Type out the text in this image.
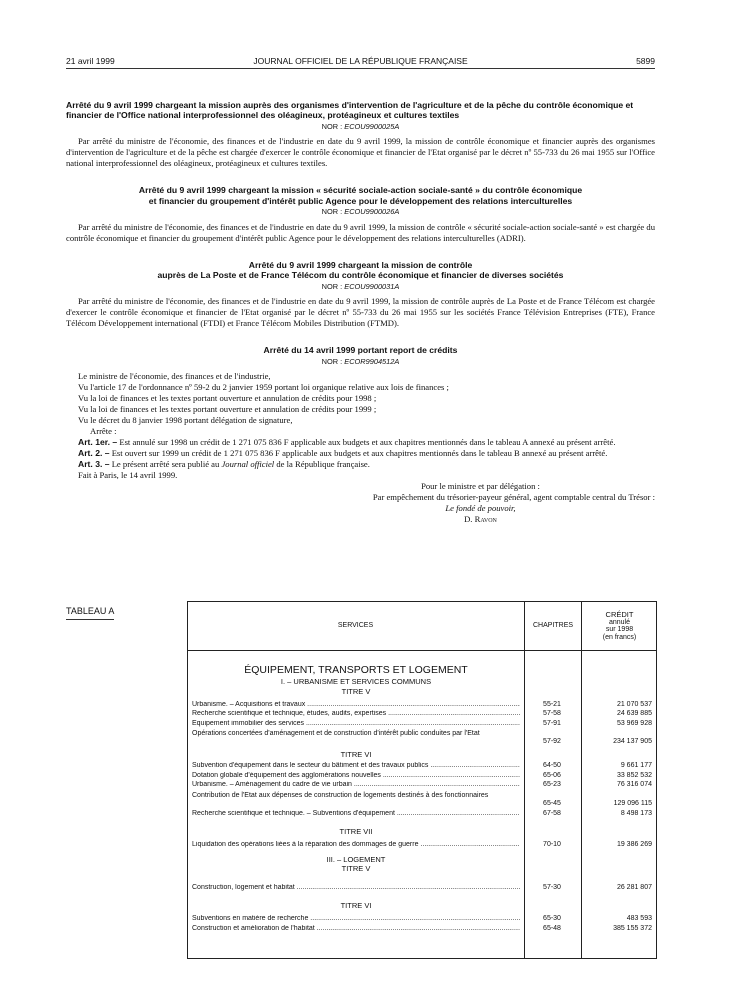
21 avril 1999	JOURNAL OFFICIEL DE LA RÉPUBLIQUE FRANÇAISE	5899
Arrêté du 9 avril 1999 chargeant la mission auprès des organismes d'intervention de l'agriculture et de la pêche du contrôle économique et financier de l'Office national interprofessionnel des oléagineux, protéagineux et cultures textiles
NOR : ECOU9900025A

Par arrêté du ministre de l'économie, des finances et de l'industrie en date du 9 avril 1999, la mission de contrôle économique et financier auprès des organismes d'intervention de l'agriculture et de la pêche est chargée d'exercer le contrôle économique et financier de l'Etat organisé par le décret nº 55-733 du 26 mai 1955 sur l'Office national interprofessionnel des oléagineux, protéagineux et cultures textiles.

Arrêté du 9 avril 1999 chargeant la mission « sécurité sociale-action sociale-santé » du contrôle économique
et financier du groupement d'intérêt public Agence pour le développement des relations interculturelles
NOR : ECOU9900026A

Par arrêté du ministre de l'économie, des finances et de l'industrie en date du 9 avril 1999, la mission de contrôle « sécurité sociale-action sociale-santé » est chargée du contrôle économique et financier du groupement d'intérêt public Agence pour le développement des relations interculturelles (ADRI).

Arrêté du 9 avril 1999 chargeant la mission de contrôle
auprès de La Poste et de France Télécom du contrôle économique et financier de diverses sociétés
NOR : ECOU9900031A

Par arrêté du ministre de l'économie, des finances et de l'industrie en date du 9 avril 1999, la mission de contrôle auprès de La Poste et de France Télécom est chargée d'exercer le contrôle économique et financier de l'Etat organisé par le décret nº 55-733 du 26 mai 1955 sur les sociétés France Télévision Entreprises (FTE), France Télécom Développement international (FTDI) et France Télécom Mobiles Distribution (FTMD).

Arrêté du 14 avril 1999 portant report de crédits
NOR : ECOR9904512A

Le ministre de l'économie, des finances et de l'industrie,

Vu l'article 17 de l'ordonnance nº 59-2 du 2 janvier 1959 portant loi organique relative aux lois de finances ;

Vu la loi de finances et les textes portant ouverture et annulation de crédits pour 1998 ;

Vu la loi de finances et les textes portant ouverture et annulation de crédits pour 1999 ;

Vu le décret du 8 janvier 1998 portant délégation de signature,

Arrête :

Art. 1er. – Est annulé sur 1998 un crédit de 1 271 075 836 F applicable aux budgets et aux chapitres mentionnés dans le tableau A annexé au présent arrêté.

Art. 2. – Est ouvert sur 1999 un crédit de 1 271 075 836 F applicable aux budgets et aux chapitres mentionnés dans le tableau B annexé au présent arrêté.

Art. 3. – Le présent arrêté sera publié au Journal officiel de la République française.

Fait à Paris, le 14 avril 1999.

Pour le ministre et par délégation :
Par empêchement du trésorier-payeur général, agent comptable central du Trésor :
Le fondé de pouvoir,
D. Ravon
TABLEAU A
SERVICES	CHAPITRES
CRÉDIT
annulé
sur 1998
(en francs)
ÉQUIPEMENT, TRANSPORTS ET LOGEMENT
I. – URBANISME ET SERVICES COMMUNS
TITRE V
Urbanisme. – Acquisitions et travaux .....	55-21	21 070 537
Recherche scientifique et technique, études, audits, expertises .....	57-58	24 639 885
Equipement immobilier des services .....	57-91	53 969 928
Opérations concertées d'aménagement et de construction d'intérêt public conduites par l'Etat
57-92	234 137 905
TITRE VI
Subvention d'équipement dans le secteur du bâtiment et des travaux publics .....	64-50	9 661 177
Dotation globale d'équipement des agglomérations nouvelles .....	65-06	33 852 532
Urbanisme. – Aménagement du cadre de vie urbain .....	65-23	76 316 074
Contribution de l'Etat aux dépenses de construction de logements destinés à des fonctionnaires
65-45	129 096 115
Recherche scientifique et technique. – Subventions d'équipement .....	67-58	8 498 173
TITRE VII
Liquidation des opérations liées à la réparation des dommages de guerre .....	70-10	19 386 269
III. – LOGEMENT
TITRE V
Construction, logement et habitat .....	57-30	26 281 807
TITRE VI
Subventions en matière de recherche .....	65-30	483 593
Construction et amélioration de l'habitat .....	65-48	385 155 372
